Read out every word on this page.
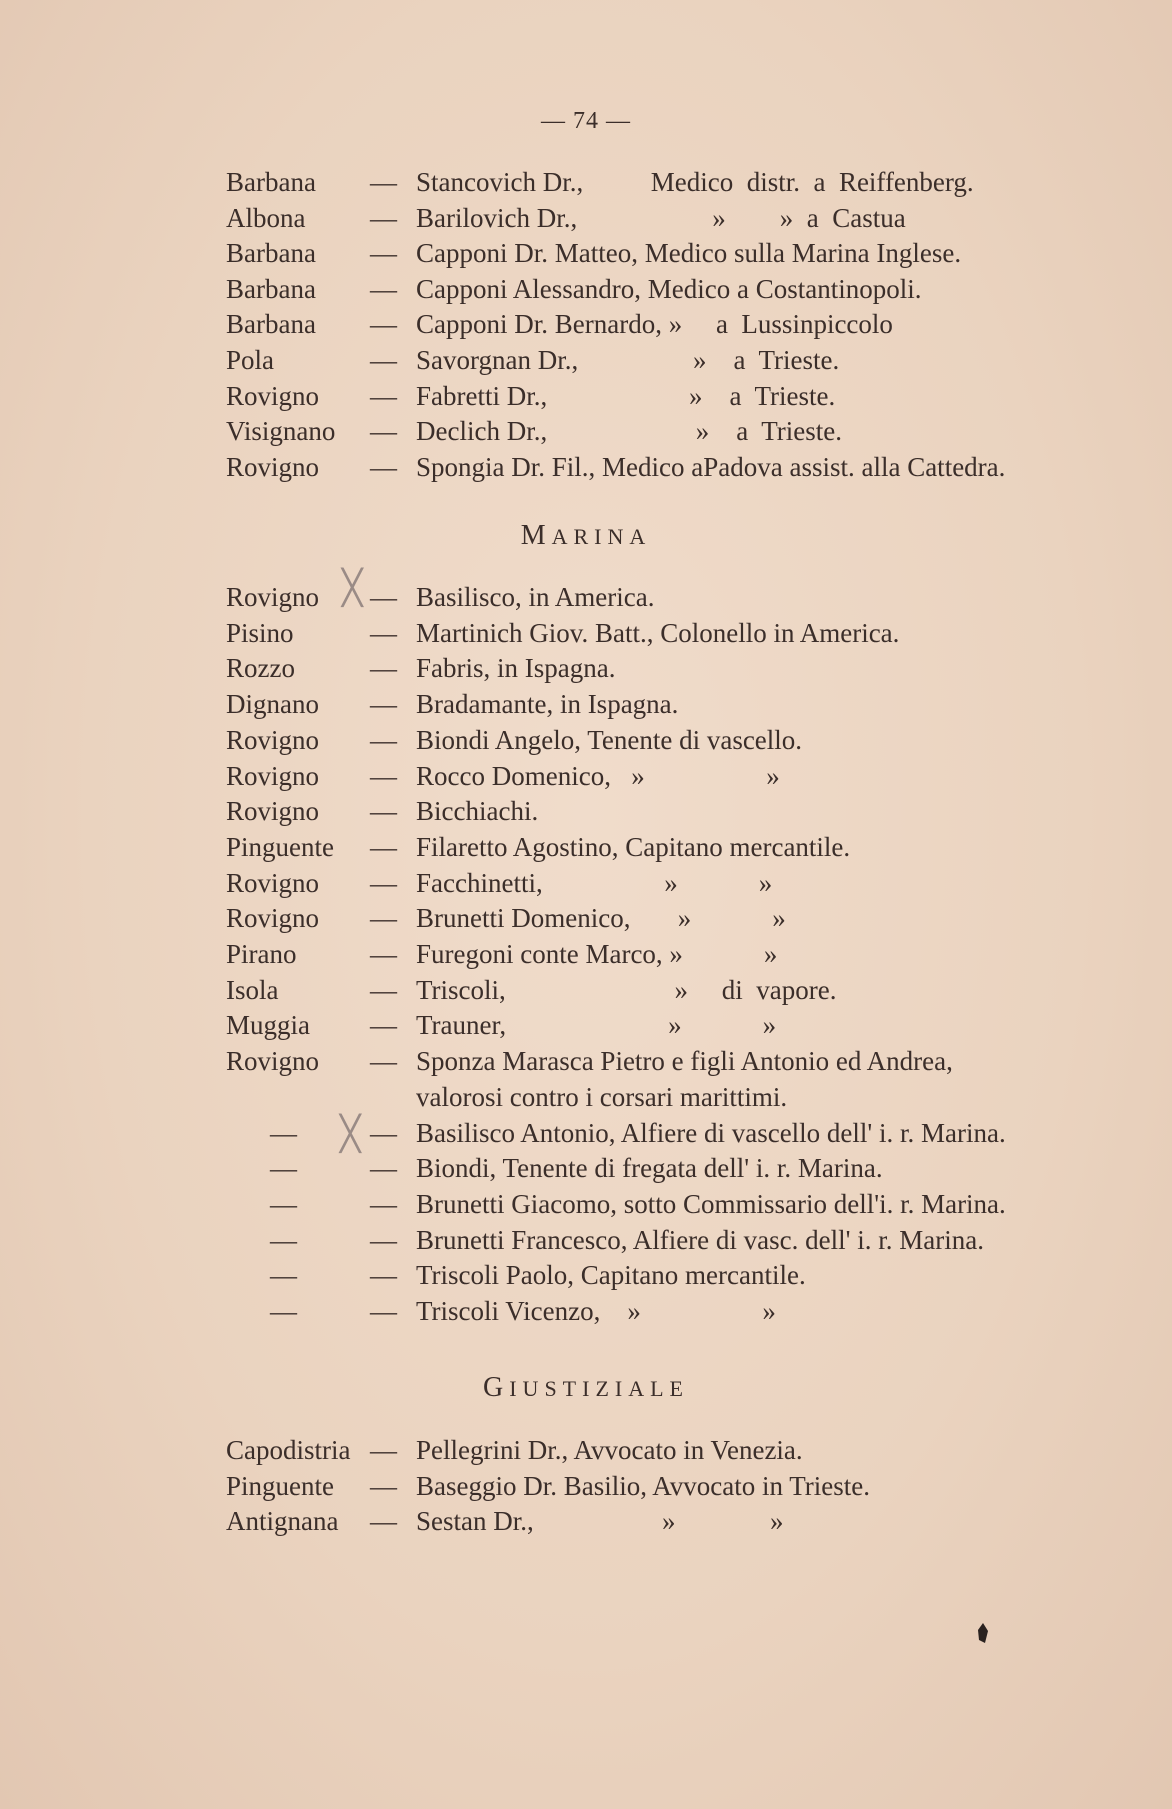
— 74 —
Barbana — Stancovich Dr.,          Medico  distr.  a  Reiffenberg.
Albona — Barilovich Dr.,                    »        »  a  Castua
Barbana — Capponi Dr. Matteo, Medico sulla Marina Inglese.
Barbana — Capponi Alessandro, Medico a Costantinopoli.
Barbana — Capponi Dr. Bernardo, »     a  Lussinpiccolo
Pola	— Savorgnan Dr.,                 »    a  Trieste.
Rovigno — Fabretti Dr.,                     »    a  Trieste.
Visignano — Declich Dr.,                      »    a  Trieste.
Rovigno — Spongia Dr. Fil., Medico aPadova assist. alla Cattedra.
MARINA
Rovigno — Basilisco, in America.
Pisino	— Martinich Giov. Batt., Colonello in America.
Rozzo	— Fabris, in Ispagna.
Dignano — Bradamante, in Ispagna.
Rovigno — Biondi Angelo, Tenente di vascello.
Rovigno — Rocco Domenico,   »                  »
Rovigno — Bicchiachi.
Pinguente — Filaretto Agostino, Capitano mercantile.
Rovigno — Facchinetti,                  »            »
Rovigno — Brunetti Domenico,       »            »
Pirano	— Furegoni conte Marco, »            »
Isola	— Triscoli,                         »     di  vapore.
Muggia — Trauner,                        »            »
Rovigno — Sponza Marasca Pietro e figli Antonio ed Andrea,
valorosi contro i corsari marittimi.
—	— Basilisco Antonio, Alfiere di vascello dell' i. r. Marina.
—	— Biondi, Tenente di fregata dell' i. r. Marina.
—	— Brunetti Giacomo, sotto Commissario dell'i. r. Marina.
—	— Brunetti Francesco, Alfiere di vasc. dell' i. r. Marina.
—	— Triscoli Paolo, Capitano mercantile.
—	— Triscoli Vicenzo,    »                  »
GIUSTIZIALE
Capodistria — Pellegrini Dr., Avvocato in Venezia.
Pinguente — Baseggio Dr. Basilio, Avvocato in Trieste.
Antignana — Sestan Dr.,                   »              »
╳
╳
